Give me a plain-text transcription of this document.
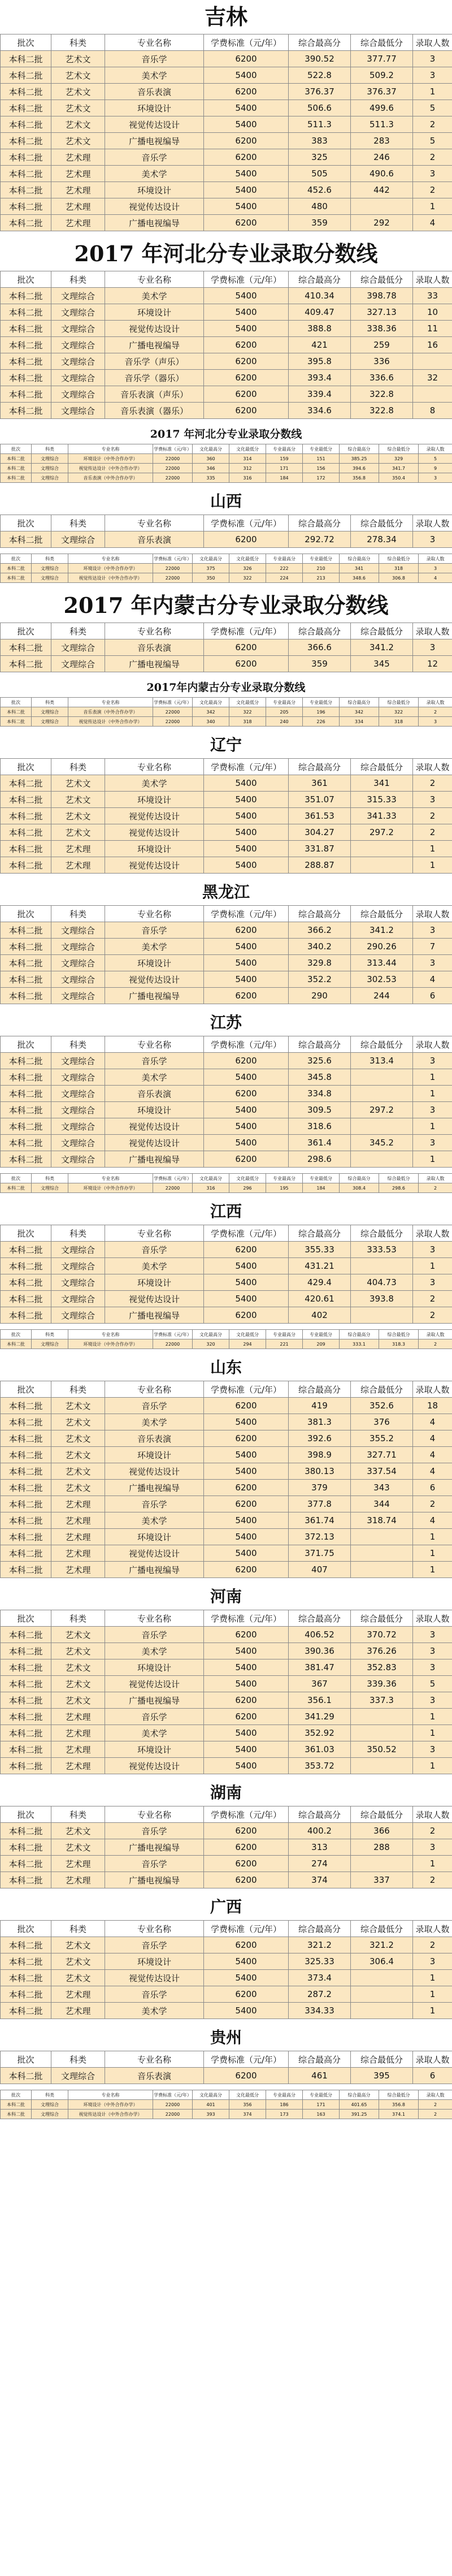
吉林
批次	科类	专业名称	学费标准（元/年）	综合最高分	综合最低分	录取人数
本科二批	艺术文	音乐学	6200	390.52	377.77	3
本科二批	艺术文	美术学	5400	522.8	509.2	3
本科二批	艺术文	音乐表演	6200	376.37	376.37	1
本科二批	艺术文	环境设计	5400	506.6	499.6	5
本科二批	艺术文	视觉传达设计	5400	511.3	511.3	2
本科二批	艺术文	广播电视编导	6200	383	283	5
本科二批	艺术理	音乐学	6200	325	246	2
本科二批	艺术理	美术学	5400	505	490.6	3
本科二批	艺术理	环境设计	5400	452.6	442	2
本科二批	艺术理	视觉传达设计	5400	480		1
本科二批	艺术理	广播电视编导	6200	359	292	4
2017 年河北分专业录取分数线
批次	科类	专业名称	学费标准（元/年）	综合最高分	综合最低分	录取人数
本科二批	文理综合	美术学	5400	410.34	398.78	33
本科二批	文理综合	环境设计	5400	409.47	327.13	10
本科二批	文理综合	视觉传达设计	5400	388.8	338.36	11
本科二批	文理综合	广播电视编导	6200	421	259	16
本科二批	文理综合	音乐学（声乐）	6200	395.8	336	
本科二批	文理综合	音乐学（器乐）	6200	393.4	336.6	32
本科二批	文理综合	音乐表演（声乐）	6200	339.4	322.8	
本科二批	文理综合	音乐表演（器乐）	6200	334.6	322.8	8
2017 年河北分专业录取分数线
批次	科类	专业名称	学费标准（元/年）	文化最高分	文化最低分	专业最高分	专业最低分	综合最高分	综合最低分	录取人数
本科二批	文理综合	环境设计（中外合作办学）	22000	360	314	159	151	385.25	329	5
本科二批	文理综合	视觉传达设计（中外合作办学）	22000	346	312	171	156	394.6	341.7	9
本科二批	文理综合	音乐表演（中外合作办学）	22000	335	316	184	172	356.8	350.4	3
山西
批次	科类	专业名称	学费标准（元/年）	综合最高分	综合最低分	录取人数
本科二批	文理综合	音乐表演	6200	292.72	278.34	3
批次	科类	专业名称	学费标准（元/年）	文化最高分	文化最低分	专业最高分	专业最低分	综合最高分	综合最低分	录取人数
本科二批	文理综合	环境设计（中外合作办学）	22000	375	326	222	210	341	318	3
本科二批	文理综合	视觉传达设计（中外合作办学）	22000	350	322	224	213	348.6	306.8	4
2017 年内蒙古分专业录取分数线
批次	科类	专业名称	学费标准（元/年）	综合最高分	综合最低分	录取人数
本科二批	文理综合	音乐表演	6200	366.6	341.2	3
本科二批	文理综合	广播电视编导	6200	359	345	12
2017年内蒙古分专业录取分数线
批次	科类	专业名称	学费标准（元/年）	文化最高分	文化最低分	专业最高分	专业最低分	综合最高分	综合最低分	录取人数
本科二批	文理综合	音乐表演（中外合作办学）	22000	342	322	205	196	342	322	2
本科二批	文理综合	视觉传达设计（中外合作办学）	22000	340	318	240	226	334	318	3
辽宁
批次	科类	专业名称	学费标准（元/年）	综合最高分	综合最低分	录取人数
本科二批	艺术文	美术学	5400	361	341	2
本科二批	艺术文	环境设计	5400	351.07	315.33	3
本科二批	艺术文	视觉传达设计	5400	361.53	341.33	2
本科二批	艺术文	视觉传达设计	5400	304.27	297.2	2
本科二批	艺术理	环境设计	5400	331.87		1
本科二批	艺术理	视觉传达设计	5400	288.87		1
黑龙江
批次	科类	专业名称	学费标准（元/年）	综合最高分	综合最低分	录取人数
本科二批	文理综合	音乐学	6200	366.2	341.2	3
本科二批	文理综合	美术学	5400	340.2	290.26	7
本科二批	文理综合	环境设计	5400	329.8	313.44	3
本科二批	文理综合	视觉传达设计	5400	352.2	302.53	4
本科二批	文理综合	广播电视编导	6200	290	244	6
江苏
批次	科类	专业名称	学费标准（元/年）	综合最高分	综合最低分	录取人数
本科二批	文理综合	音乐学	6200	325.6	313.4	3
本科二批	文理综合	美术学	5400	345.8		1
本科二批	文理综合	音乐表演	6200	334.8		1
本科二批	文理综合	环境设计	5400	309.5	297.2	3
本科二批	文理综合	视觉传达设计	5400	318.6		1
本科二批	文理综合	视觉传达设计	5400	361.4	345.2	3
本科二批	文理综合	广播电视编导	6200	298.6		1
批次	科类	专业名称	学费标准（元/年）	文化最高分	文化最低分	专业最高分	专业最低分	综合最高分	综合最低分	录取人数
本科二批	文理综合	环境设计（中外合作办学）	22000	316	296	195	184	308.4	298.6	2
江西
批次	科类	专业名称	学费标准（元/年）	综合最高分	综合最低分	录取人数
本科二批	文理综合	音乐学	6200	355.33	333.53	3
本科二批	文理综合	美术学	5400	431.21		1
本科二批	文理综合	环境设计	5400	429.4	404.73	3
本科二批	文理综合	视觉传达设计	5400	420.61	393.8	2
本科二批	文理综合	广播电视编导	6200	402		2
批次	科类	专业名称	学费标准（元/年）	文化最高分	文化最低分	专业最高分	专业最低分	综合最高分	综合最低分	录取人数
本科二批	文理综合	环境设计（中外合作办学）	22000	320	294	221	209	333.1	318.3	2
山东
批次	科类	专业名称	学费标准（元/年）	综合最高分	综合最低分	录取人数
本科二批	艺术文	音乐学	6200	419	352.6	18
本科二批	艺术文	美术学	5400	381.3	376	4
本科二批	艺术文	音乐表演	6200	392.6	355.2	4
本科二批	艺术文	环境设计	5400	398.9	327.71	4
本科二批	艺术文	视觉传达设计	5400	380.13	337.54	4
本科二批	艺术文	广播电视编导	6200	379	343	6
本科二批	艺术理	音乐学	6200	377.8	344	2
本科二批	艺术理	美术学	5400	361.74	318.74	4
本科二批	艺术理	环境设计	5400	372.13		1
本科二批	艺术理	视觉传达设计	5400	371.75		1
本科二批	艺术理	广播电视编导	6200	407		1
河南
批次	科类	专业名称	学费标准（元/年）	综合最高分	综合最低分	录取人数
本科二批	艺术文	音乐学	6200	406.52	370.72	3
本科二批	艺术文	美术学	5400	390.36	376.26	3
本科二批	艺术文	环境设计	5400	381.47	352.83	3
本科二批	艺术文	视觉传达设计	5400	367	339.36	5
本科二批	艺术文	广播电视编导	6200	356.1	337.3	3
本科二批	艺术理	音乐学	6200	341.29		1
本科二批	艺术理	美术学	5400	352.92		1
本科二批	艺术理	环境设计	5400	361.03	350.52	3
本科二批	艺术理	视觉传达设计	5400	353.72		1
湖南
批次	科类	专业名称	学费标准（元/年）	综合最高分	综合最低分	录取人数
本科二批	艺术文	音乐学	6200	400.2	366	2
本科二批	艺术文	广播电视编导	6200	313	288	3
本科二批	艺术理	音乐学	6200	274		1
本科二批	艺术理	广播电视编导	6200	374	337	2
广西
批次	科类	专业名称	学费标准（元/年）	综合最高分	综合最低分	录取人数
本科二批	艺术文	音乐学	6200	321.2	321.2	2
本科二批	艺术文	环境设计	5400	325.33	306.4	3
本科二批	艺术文	视觉传达设计	5400	373.4		1
本科二批	艺术理	音乐学	6200	287.2		1
本科二批	艺术理	美术学	5400	334.33		1
贵州
批次	科类	专业名称	学费标准（元/年）	综合最高分	综合最低分	录取人数
本科二批	文理综合	音乐表演	6200	461	395	6
批次	科类	专业名称	学费标准（元/年）	文化最高分	文化最低分	专业最高分	专业最低分	综合最高分	综合最低分	录取人数
本科二批	文理综合	环境设计（中外合作办学）	22000	401	356	186	171	401.65	356.8	2
本科二批	文理综合	视觉传达设计（中外合作办学）	22000	393	374	173	163	391.25	374.1	2
